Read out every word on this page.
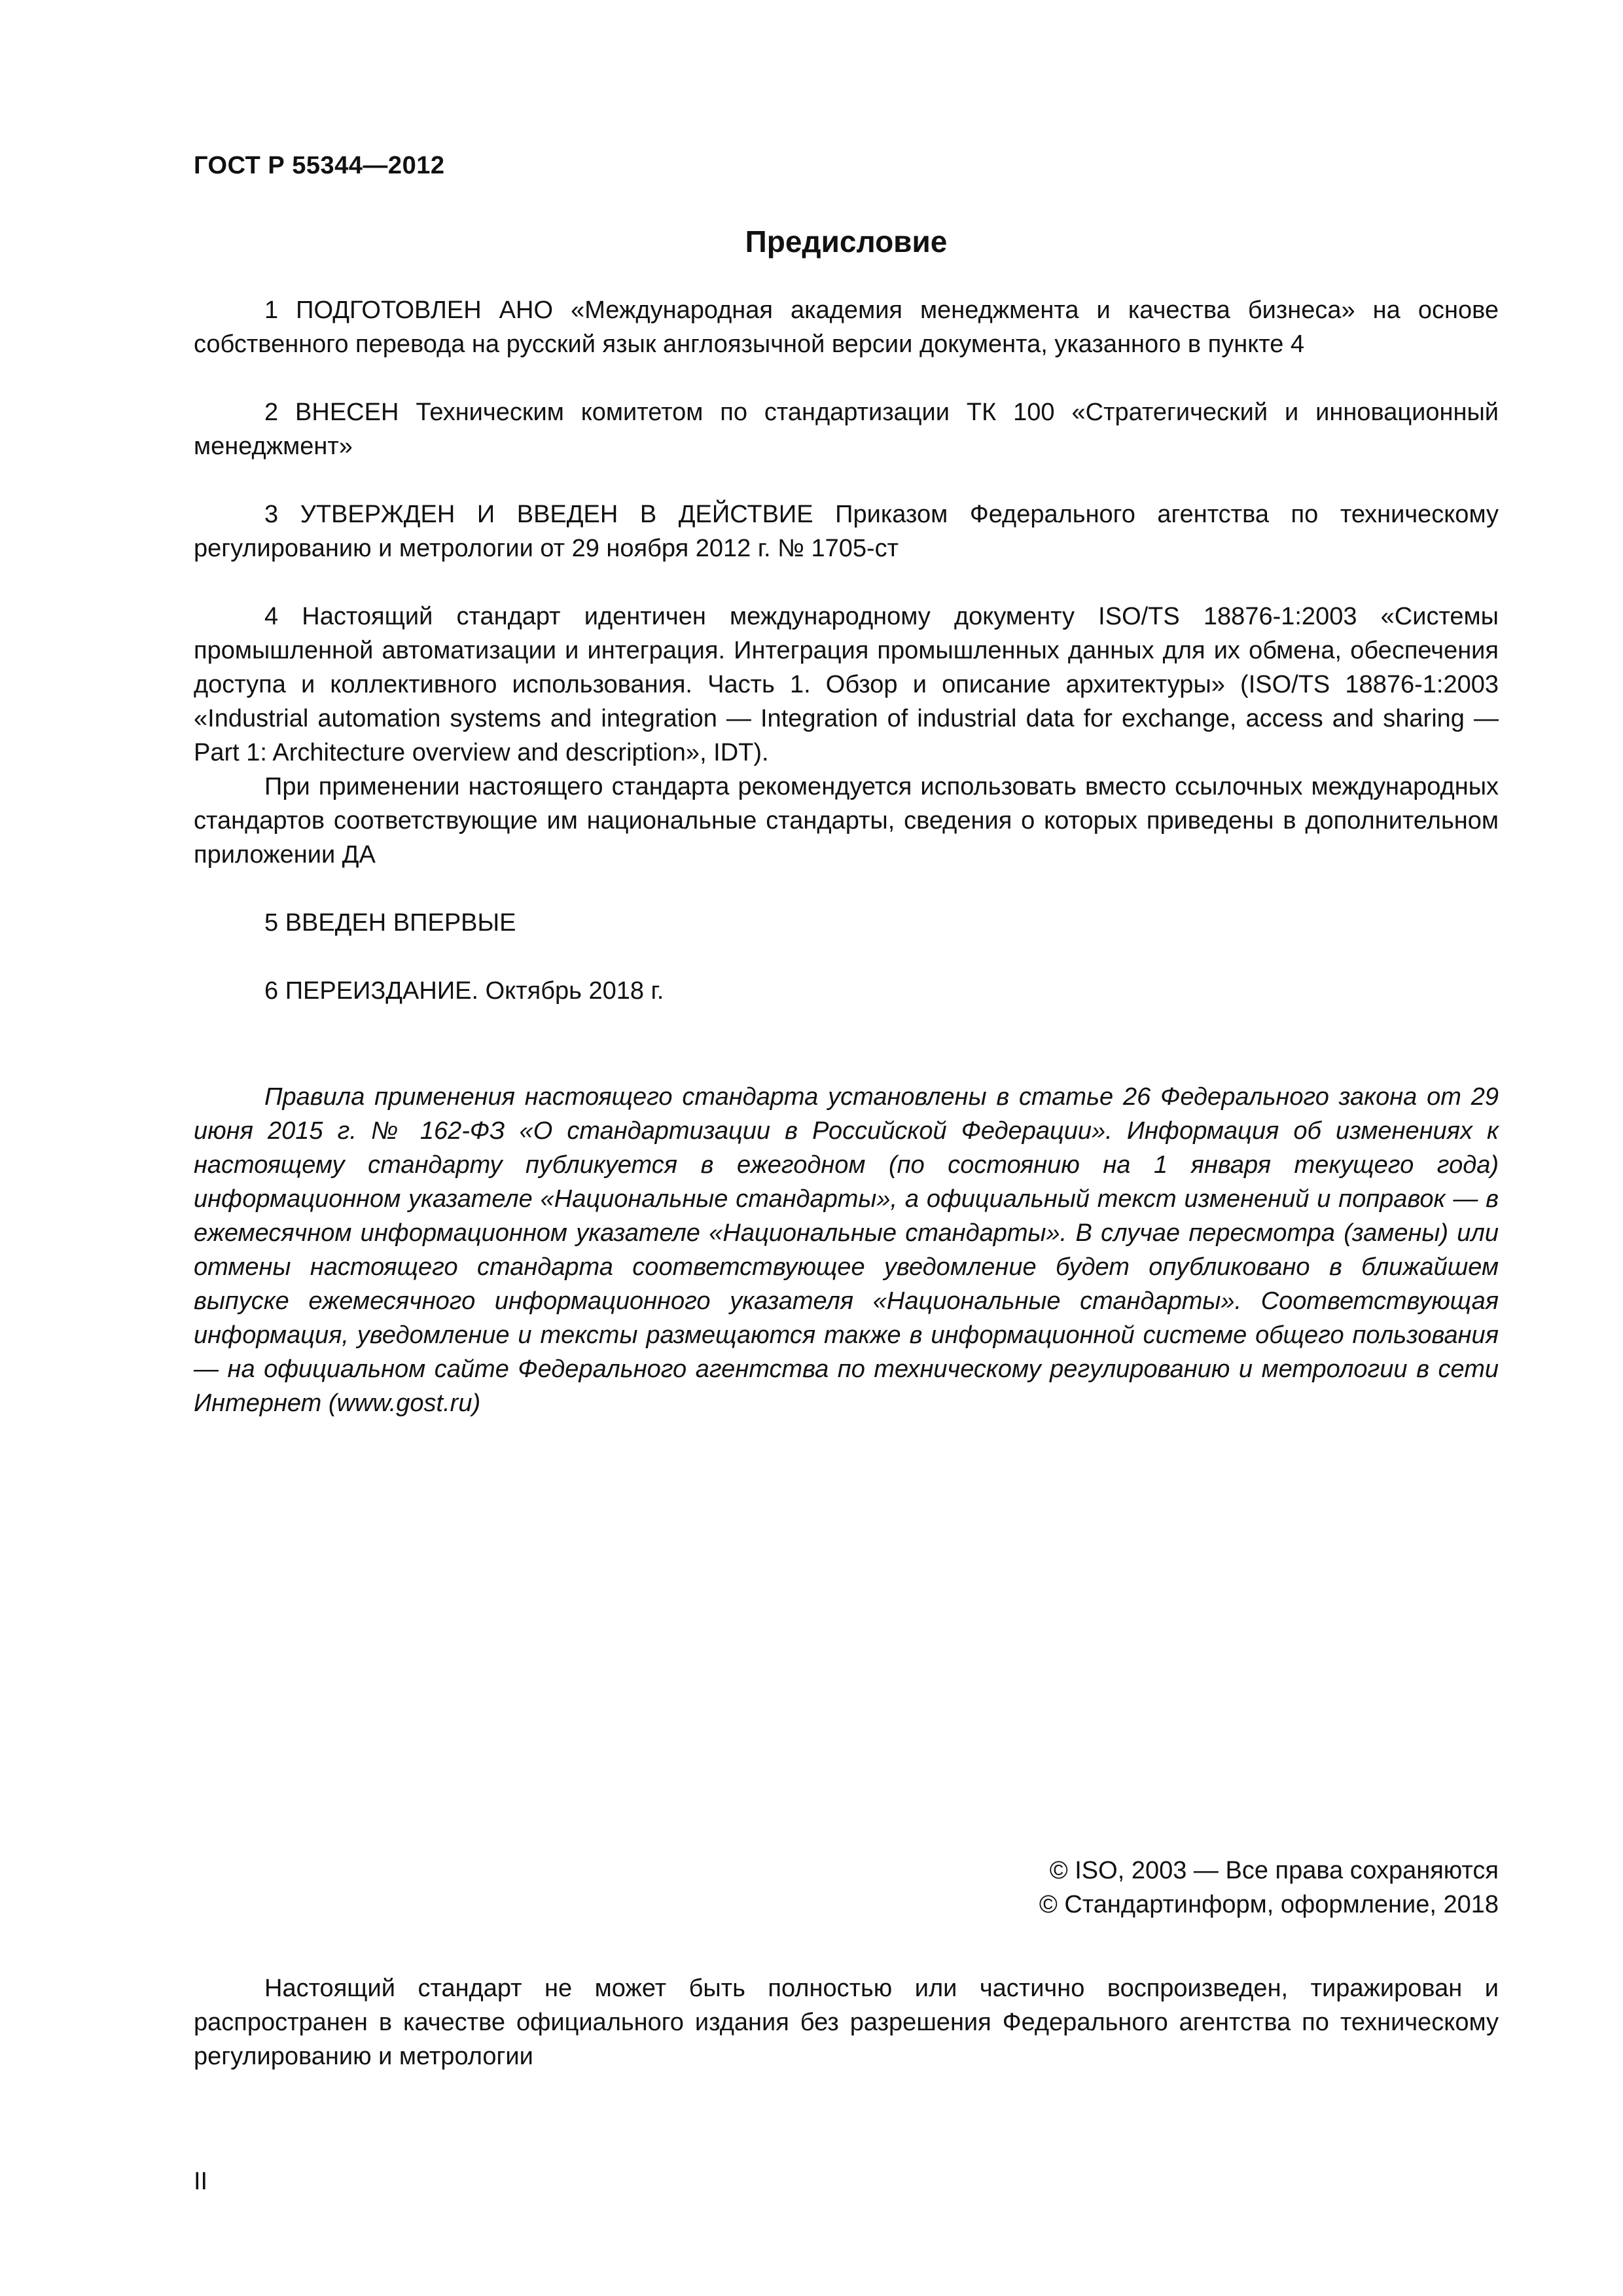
ГОСТ Р 55344—2012
Предисловие

1 ПОДГОТОВЛЕН АНО «Международная академия менеджмента и качества бизнеса» на основе собственного перевода на русский язык англоязычной версии документа, указанного в пункте 4

2 ВНЕСЕН Техническим комитетом по стандартизации ТК 100 «Стратегический и инновационный менеджмент»

3 УТВЕРЖДЕН И ВВЕДЕН В ДЕЙСТВИЕ Приказом Федерального агентства по техническому регулированию и метрологии от 29 ноября 2012 г. № 1705-ст

4 Настоящий стандарт идентичен международному документу ISO/TS 18876-1:2003 «Системы промышленной автоматизации и интеграция. Интеграция промышленных данных для их обмена, обеспечения доступа и коллективного использования. Часть 1. Обзор и описание архитектуры» (ISO/TS 18876-1:2003 «Industrial automation systems and integration — Integration of industrial data for exchange, access and sharing — Part 1: Architecture overview and description», IDT).

При применении настоящего стандарта рекомендуется использовать вместо ссылочных международных стандартов соответствующие им национальные стандарты, сведения о которых приведены в дополнительном приложении ДА

5 ВВЕДЕН ВПЕРВЫЕ

6 ПЕРЕИЗДАНИЕ. Октябрь 2018 г.

Правила применения настоящего стандарта установлены в статье 26 Федерального закона от 29 июня 2015 г. № 162-ФЗ «О стандартизации в Российской Федерации». Информация об изменениях к настоящему стандарту публикуется в ежегодном (по состоянию на 1 января текущего года) информационном указателе «Национальные стандарты», а официальный текст изменений и поправок — в ежемесячном информационном указателе «Национальные стандарты». В случае пересмотра (замены) или отмены настоящего стандарта соответствующее уведомление будет опубликовано в ближайшем выпуске ежемесячного информационного указателя «Национальные стандарты». Соответствующая информация, уведомление и тексты размещаются также в информационной системе общего пользования — на официальном сайте Федерального агентства по техническому регулированию и метрологии в сети Интернет (www.gost.ru)

© ISO, 2003 — Все права сохраняются
© Стандартинформ, оформление, 2018

Настоящий стандарт не может быть полностью или частично воспроизведен, тиражирован и распространен в качестве официального издания без разрешения Федерального агентства по техническому регулированию и метрологии

II
